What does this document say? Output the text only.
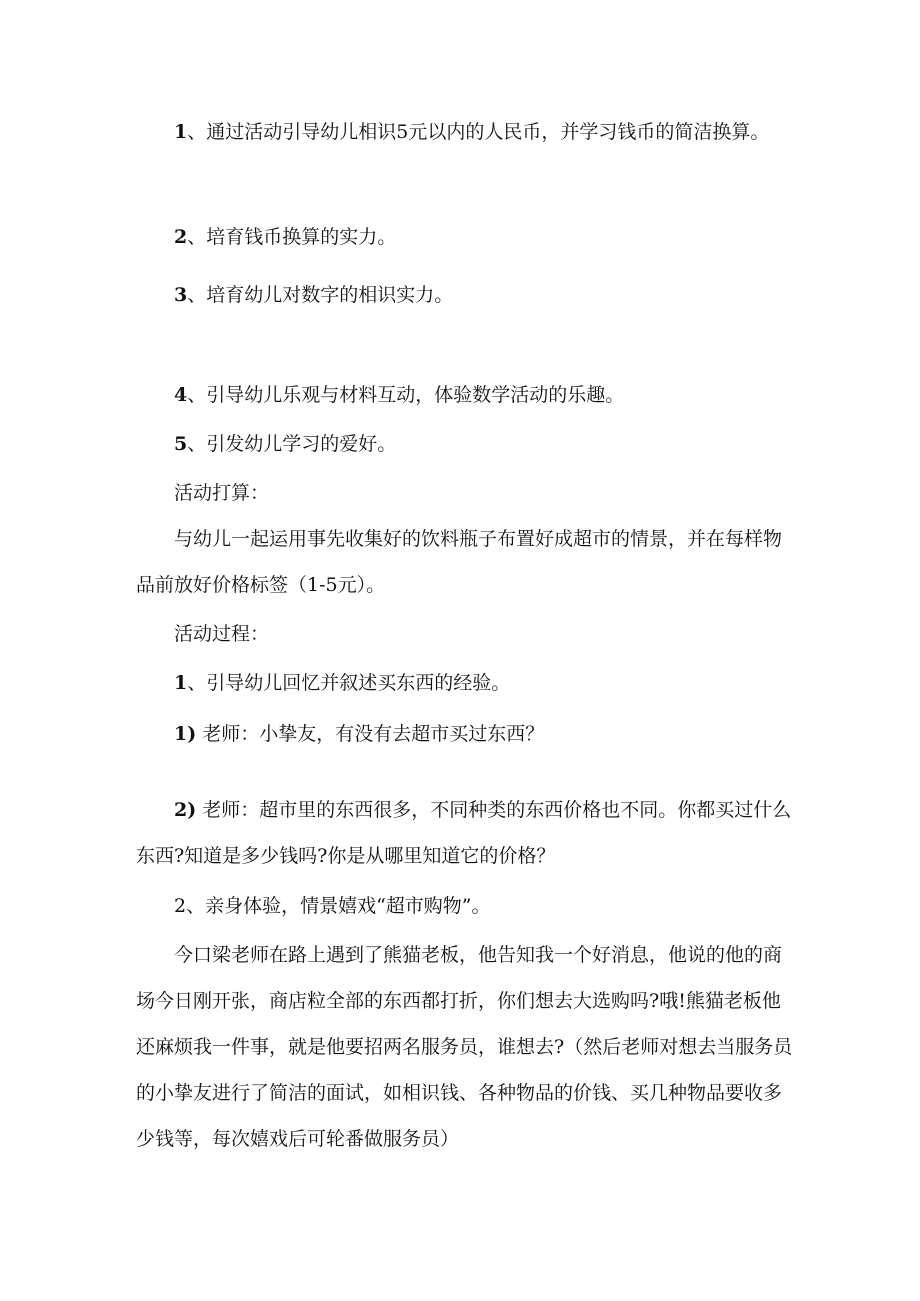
1、通过活动引导幼儿相识5元以内的人民币，并学习钱币的简洁换算。

2、培育钱币换算的实力。

3、培育幼儿对数字的相识实力。

4、引导幼儿乐观与材料互动，体验数学活动的乐趣。

5、引发幼儿学习的爱好。

活动打算：

与幼儿一起运用事先收集好的饮料瓶子布置好成超市的情景，并在每样物品前放好价格标签（1-5元）。

活动过程：

1、引导幼儿回忆并叙述买东西的经验。

1) 老师：小挚友，有没有去超市买过东西？

2) 老师：超市里的东西很多，不同种类的东西价格也不同。你都买过什么东西?知道是多少钱吗?你是从哪里知道它的价格？

2、亲身体验，情景嬉戏“超市购物”。

今口梁老师在路上遇到了熊猫老板，他告知我一个好消息，他说的他的商场今日刚开张，商店粒全部的东西都打折，你们想去大选购吗?哦!熊猫老板他还麻烦我一件事，就是他要招两名服务员，谁想去?（然后老师对想去当服务员的小挚友进行了简洁的面试，如相识钱、各种物品的价钱、买几种物品要收多少钱等，每次嬉戏后可轮番做服务员）
